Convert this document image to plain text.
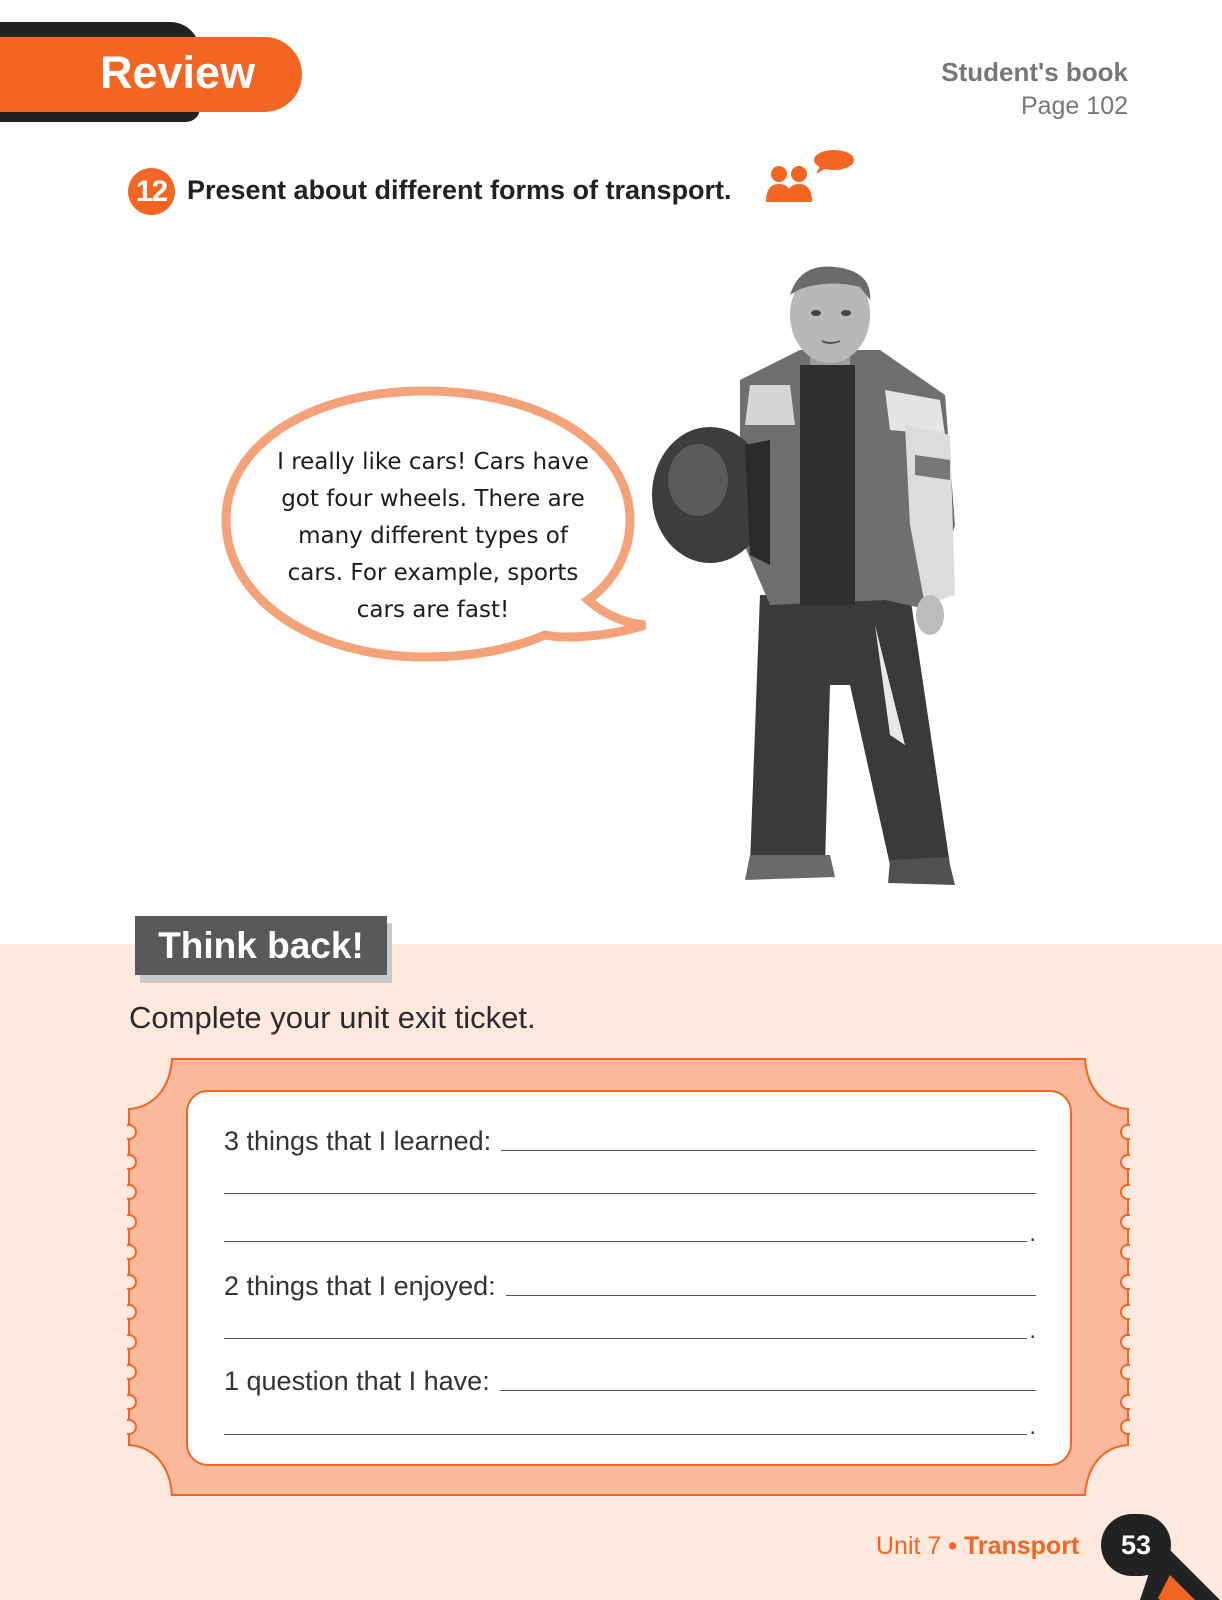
Review	Student's book
Page 102
12 Present about different forms of transport.
I really like cars! Cars have got four wheels. There are many different types of cars. For example, sports cars are fast!
Think back!
Complete your unit exit ticket.
3 things that I learned:
.
2 things that I enjoyed:
.
1 question that I have:
.
Unit 7 • Transport	53
